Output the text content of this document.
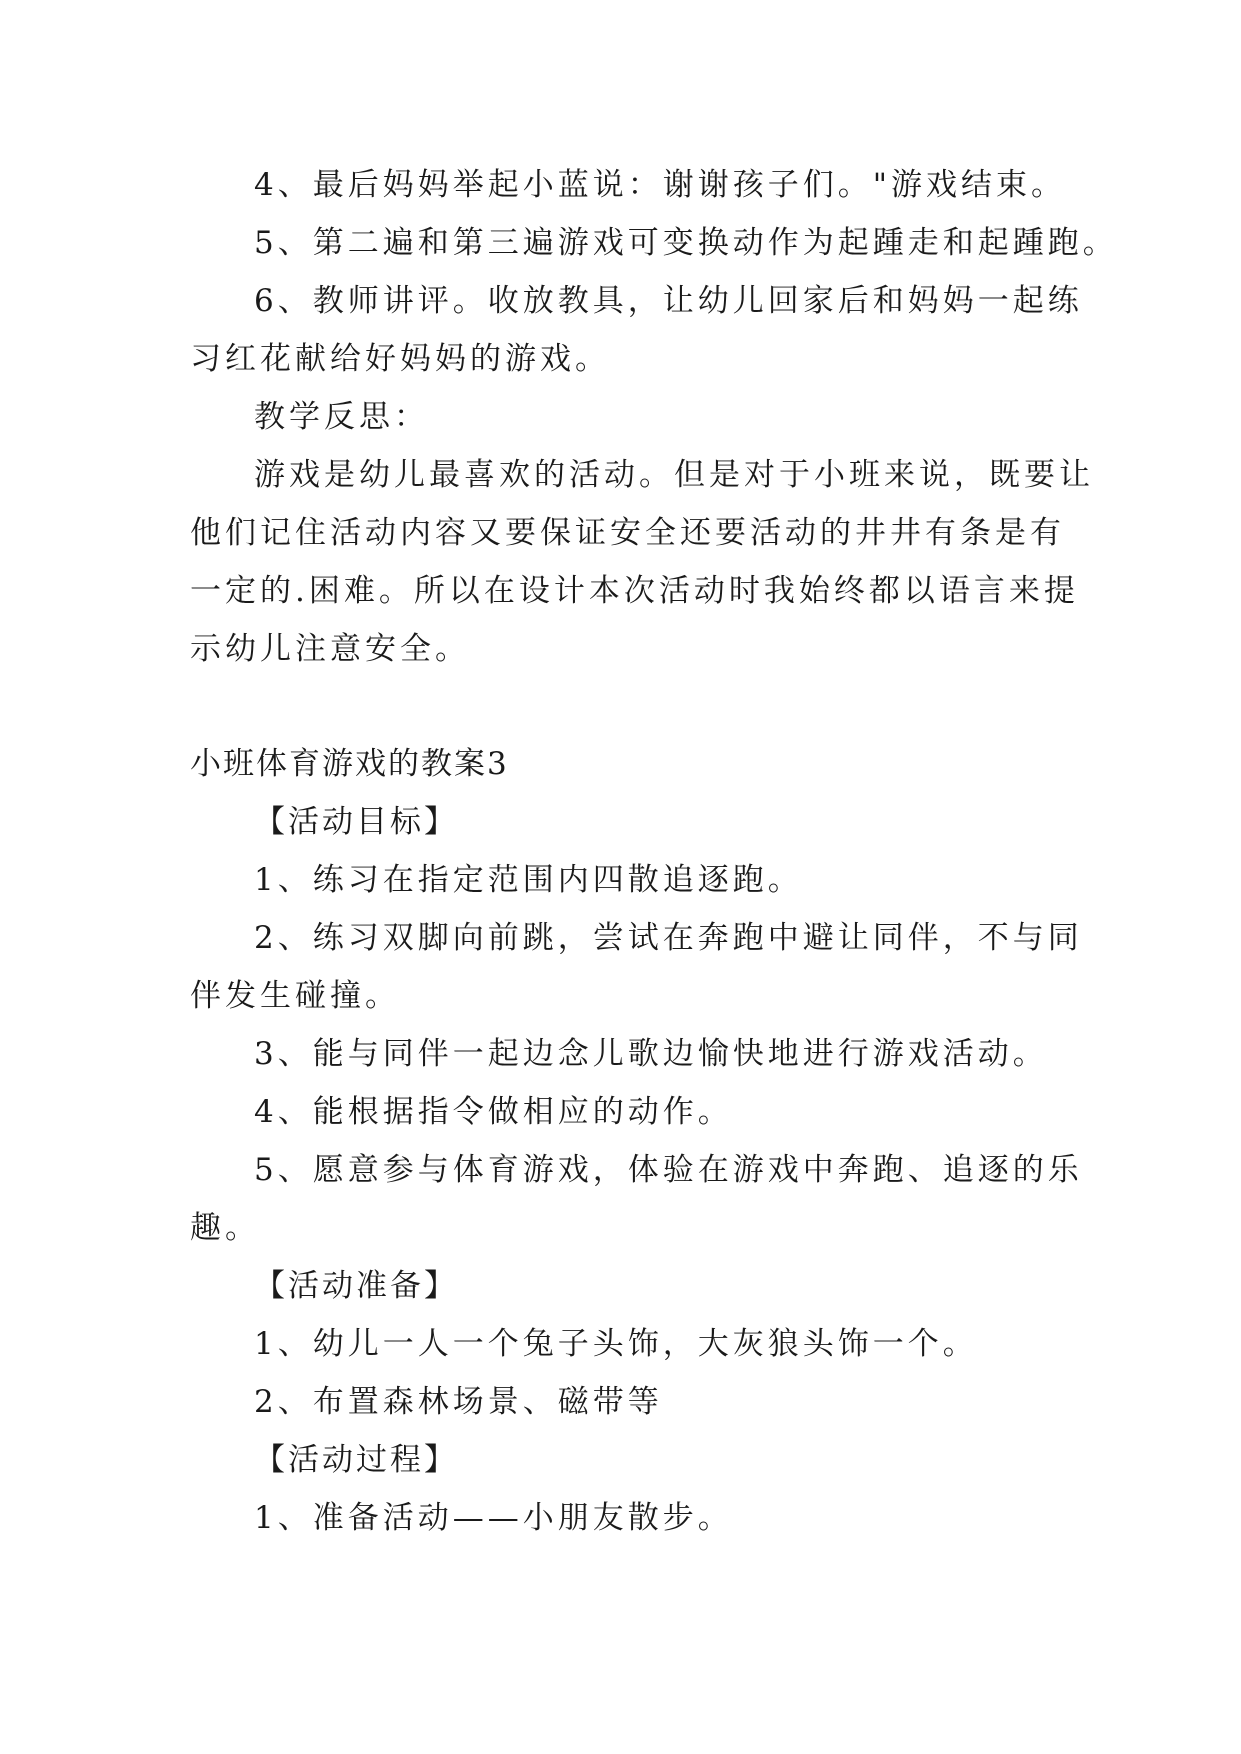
4、最后妈妈举起小蓝说：谢谢孩子们。"游戏结束。
5、第二遍和第三遍游戏可变换动作为起踵走和起踵跑。
6、教师讲评。收放教具，让幼儿回家后和妈妈一起练
习红花献给好妈妈的游戏。
教学反思：
游戏是幼儿最喜欢的活动。但是对于小班来说，既要让
他们记住活动内容又要保证安全还要活动的井井有条是有
一定的.困难。所以在设计本次活动时我始终都以语言来提
示幼儿注意安全。
小班体育游戏的教案3
【活动目标】
1、练习在指定范围内四散追逐跑。
2、练习双脚向前跳，尝试在奔跑中避让同伴，不与同
伴发生碰撞。
3、能与同伴一起边念儿歌边愉快地进行游戏活动。
4、能根据指令做相应的动作。
5、愿意参与体育游戏，体验在游戏中奔跑、追逐的乐
趣。
【活动准备】
1、幼儿一人一个兔子头饰，大灰狼头饰一个。
2、布置森林场景、磁带等
【活动过程】
1、准备活动——小朋友散步。
